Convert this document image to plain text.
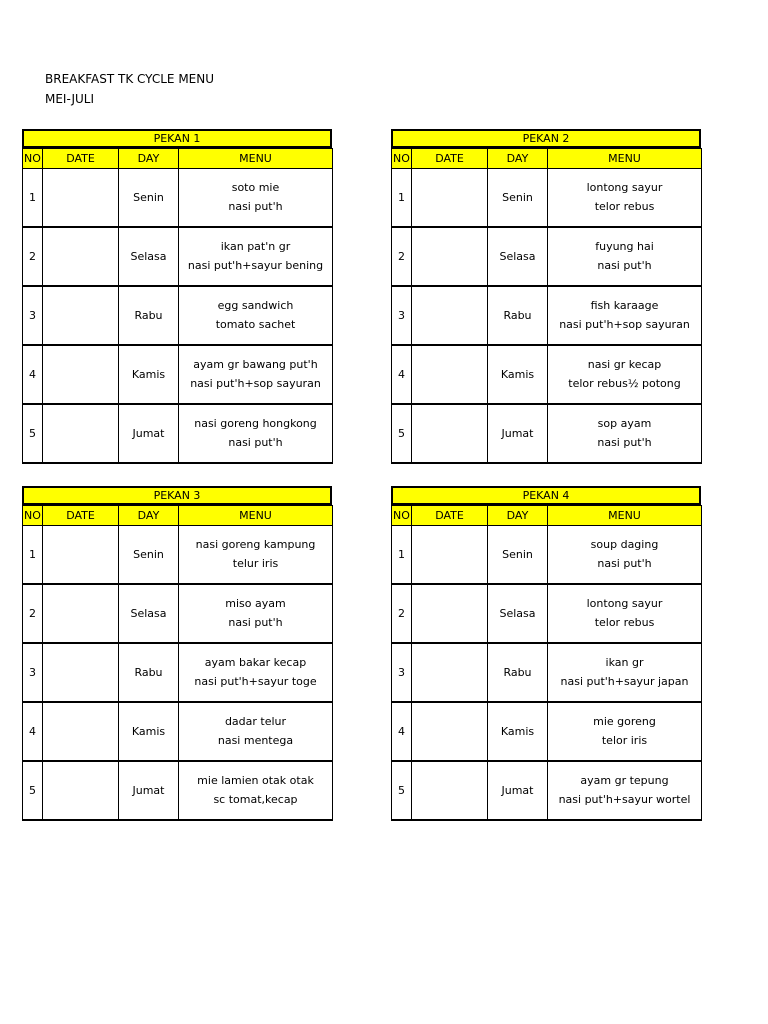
BREAKFAST TK CYCLE MENU
MEI-JULI
PEKAN 1
NO	DATE	DAY	MENU
1		Senin	soto mie
nasi put'h

2		Selasa	ikan pat'n gr
nasi put'h+sayur bening

3		Rabu	egg sandwich
tomato sachet

4		Kamis	ayam gr bawang put'h
nasi put'h+sop sayuran

5		Jumat	nasi goreng hongkong
nasi put'h
PEKAN 2
NO	DATE	DAY	MENU
1		Senin	lontong sayur
telor rebus

2		Selasa	fuyung hai
nasi put'h

3		Rabu	fish karaage
nasi put'h+sop sayuran

4		Kamis	nasi gr kecap
telor rebus½ potong

5		Jumat	sop ayam
nasi put'h
PEKAN 3
NO	DATE	DAY	MENU
1		Senin	nasi goreng kampung
telur iris

2		Selasa	miso ayam
nasi put'h

3		Rabu	ayam bakar kecap
nasi put'h+sayur toge

4		Kamis	dadar telur
nasi mentega

5		Jumat	mie lamien otak otak
sc tomat,kecap
PEKAN 4
NO	DATE	DAY	MENU
1		Senin	soup daging
nasi put'h

2		Selasa	lontong sayur
telor rebus

3		Rabu	ikan gr
nasi put'h+sayur japan

4		Kamis	mie goreng
telor iris

5		Jumat	ayam gr tepung
nasi put'h+sayur wortel
